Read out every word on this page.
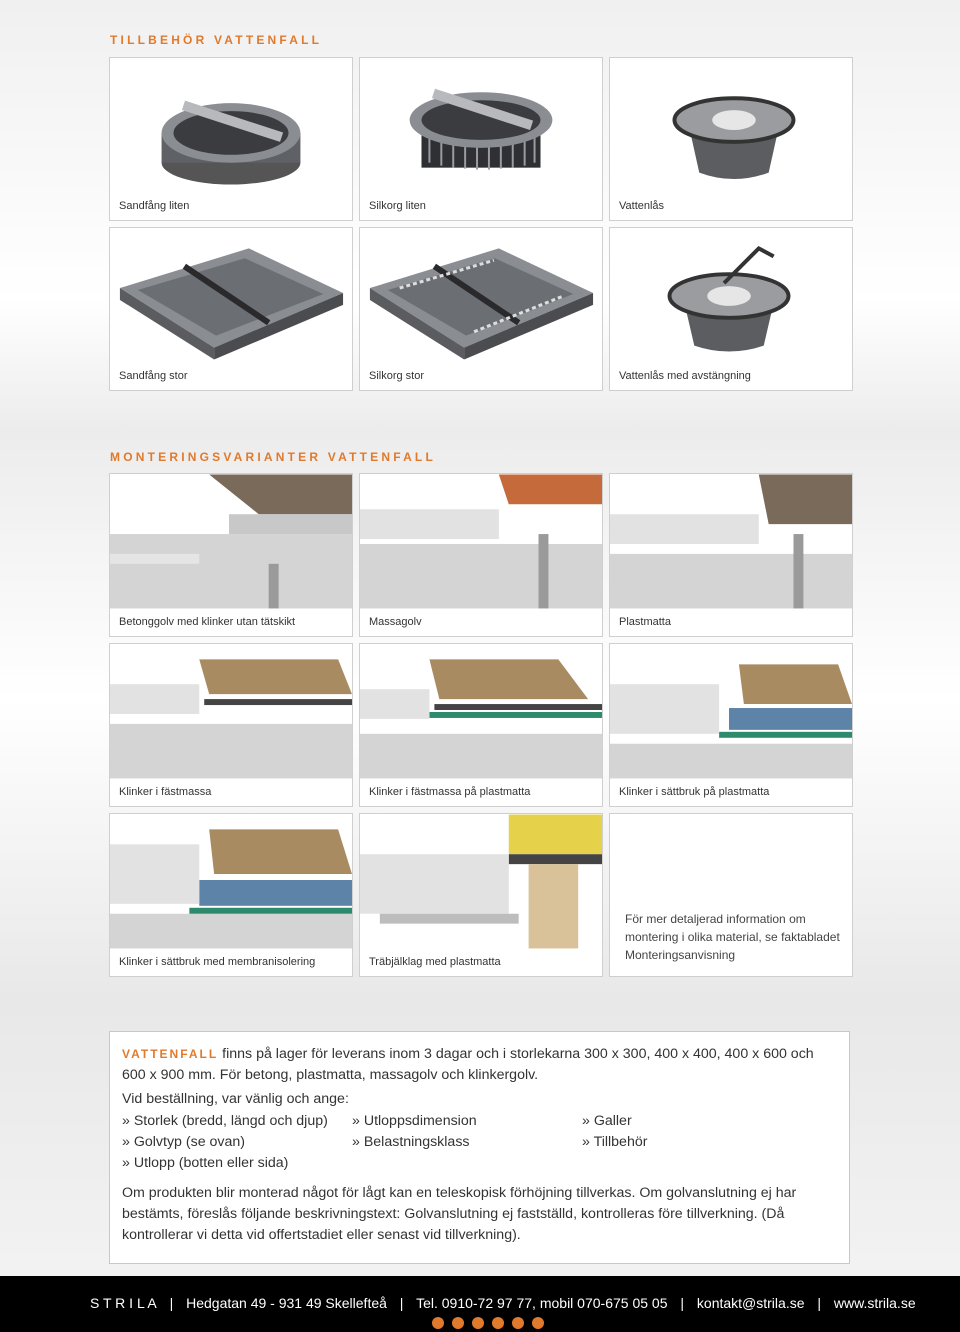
TILLBEHÖR VATTENFALL
Sandfång liten	Silkorg liten	Vattenlås
Sandfång stor	Silkorg stor	Vattenlås med avstängning
MONTERINGSVARIANTER VATTENFALL
Betonggolv med klinker utan tätskikt	Massagolv	Plastmatta
Klinker i fästmassa	Klinker i fästmassa på plastmatta	Klinker i sättbruk på plastmatta
Klinker i sättbruk med membranisolering	Träbjälklag med plastmatta
För mer detaljerad information om montering i olika material, se faktabladet Monteringsanvisning

VATTENFALL finns på lager för leverans inom 3 dagar och i storlekarna 300 x 300, 400 x 400, 400 x 600 och 600 x 900 mm. För betong, plastmatta, massagolv och klinkergolv.

Vid beställning, var vänlig och ange:

» Storlek (bredd, längd och djup)
» Golvtyp (se ovan)
» Utlopp (botten eller sida)
» Utloppsdimension
» Belastningsklass
» Galler
» Tillbehör

Om produkten blir monterad något för lågt kan en teleskopisk förhöjning tillverkas. Om golvanslutning ej har bestämts, föreslås följande beskrivningstext: Golvanslutning ej fastställd, kontrolleras före tillverkning. (Då kontrollerar vi detta vid offertstadiet eller senast vid tillverkning).

S T R I L A | Hedgatan 49 - 931 49 Skellefteå | Tel. 0910-72 97 77, mobil 070-675 05 05 | kontakt@strila.se | www.strila.se
